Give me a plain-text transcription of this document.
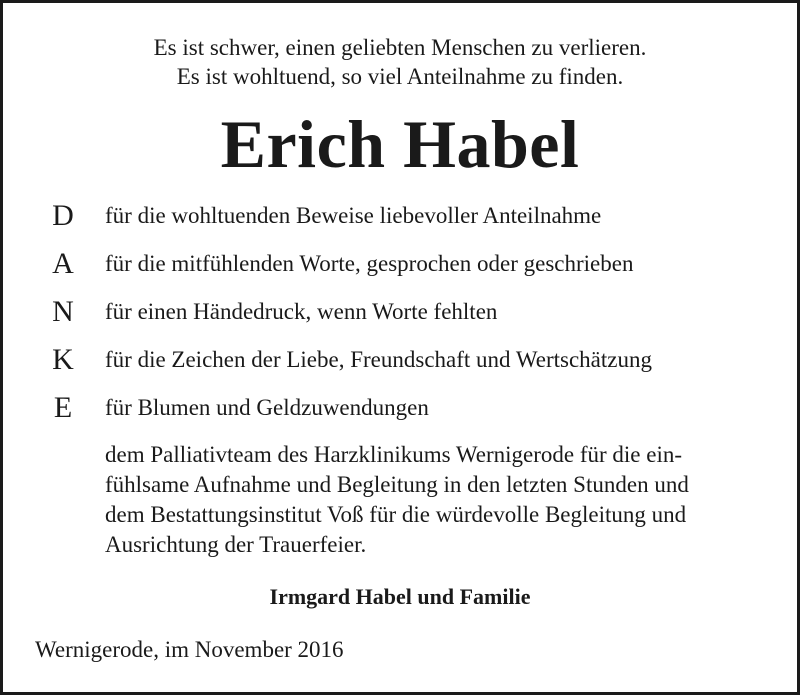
Es ist schwer, einen geliebten Menschen zu verlieren.
Es ist wohltuend, so viel Anteilnahme zu finden.
Erich Habel
D	für die wohltuenden Beweise liebevoller Anteilnahme
A	für die mitfühlenden Worte, gesprochen oder geschrieben
N	für einen Händedruck, wenn Worte fehlten
K	für die Zeichen der Liebe, Freundschaft und Wertschätzung
E	für Blumen und Geldzuwendungen
dem Palliativteam des Harzklinikums Wernigerode für die ein-
fühlsame Aufnahme und Begleitung in den letzten Stunden und
dem Bestattungsinstitut Voß für die würdevolle Begleitung und
Ausrichtung der Trauerfeier.
Irmgard Habel und Familie
Wernigerode, im November 2016
